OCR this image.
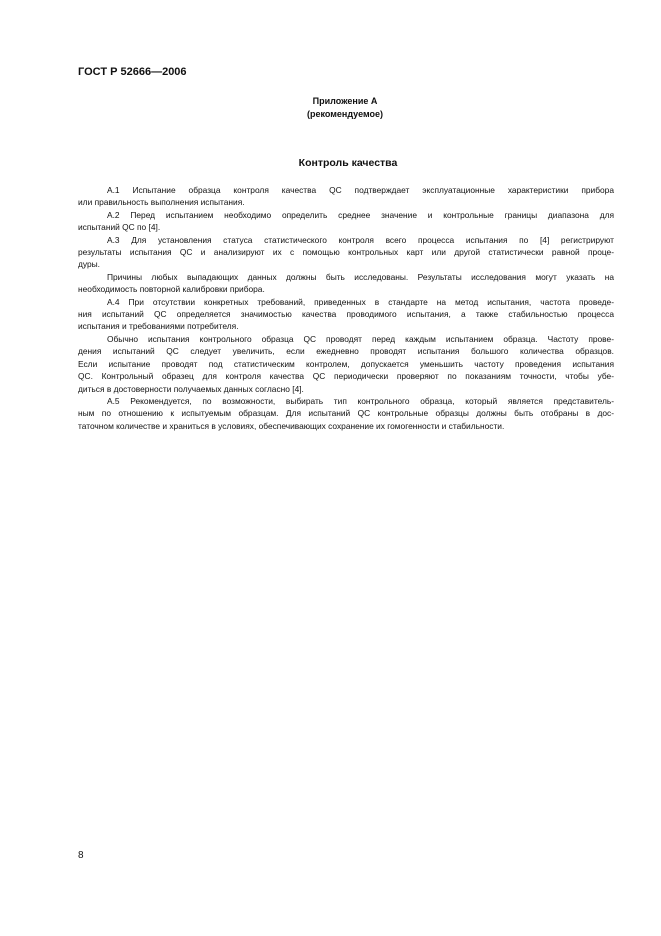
ГОСТ Р 52666—2006
Приложение А
(рекомендуемое)
Контроль качества
А.1 Испытание образца контроля качества QC подтверждает эксплуатационные характеристики прибора
или правильность выполнения испытания.
А.2 Перед испытанием необходимо определить среднее значение и контрольные границы диапазона для
испытаний QC по [4].
А.3 Для установления статуса статистического контроля всего процесса испытания по [4] регистрируют
результаты испытания QC и анализируют их с помощью контрольных карт или другой статистически равной проце-
дуры.
Причины любых выпадающих данных должны быть исследованы. Результаты исследования могут указать на
необходимость повторной калибровки прибора.
А.4 При отсутствии конкретных требований, приведенных в стандарте на метод испытания, частота проведе-
ния испытаний QC определяется значимостью качества проводимого испытания, а также стабильностью процесса
испытания и требованиями потребителя.
Обычно испытания контрольного образца QC проводят перед каждым испытанием образца. Частоту прове-
дения испытаний QC следует увеличить, если ежедневно проводят испытания большого количества образцов.
Если испытание проводят под статистическим контролем, допускается уменьшить частоту проведения испытания
QC. Контрольный образец для контроля качества QC периодически проверяют по показаниям точности, чтобы убе-
диться в достоверности получаемых данных согласно [4].
А.5 Рекомендуется, по возможности, выбирать тип контрольного образца, который является представитель-
ным по отношению к испытуемым образцам. Для испытаний QC контрольные образцы должны быть отобраны в дос-
таточном количестве и храниться в условиях, обеспечивающих сохранение их гомогенности и стабильности.
8
